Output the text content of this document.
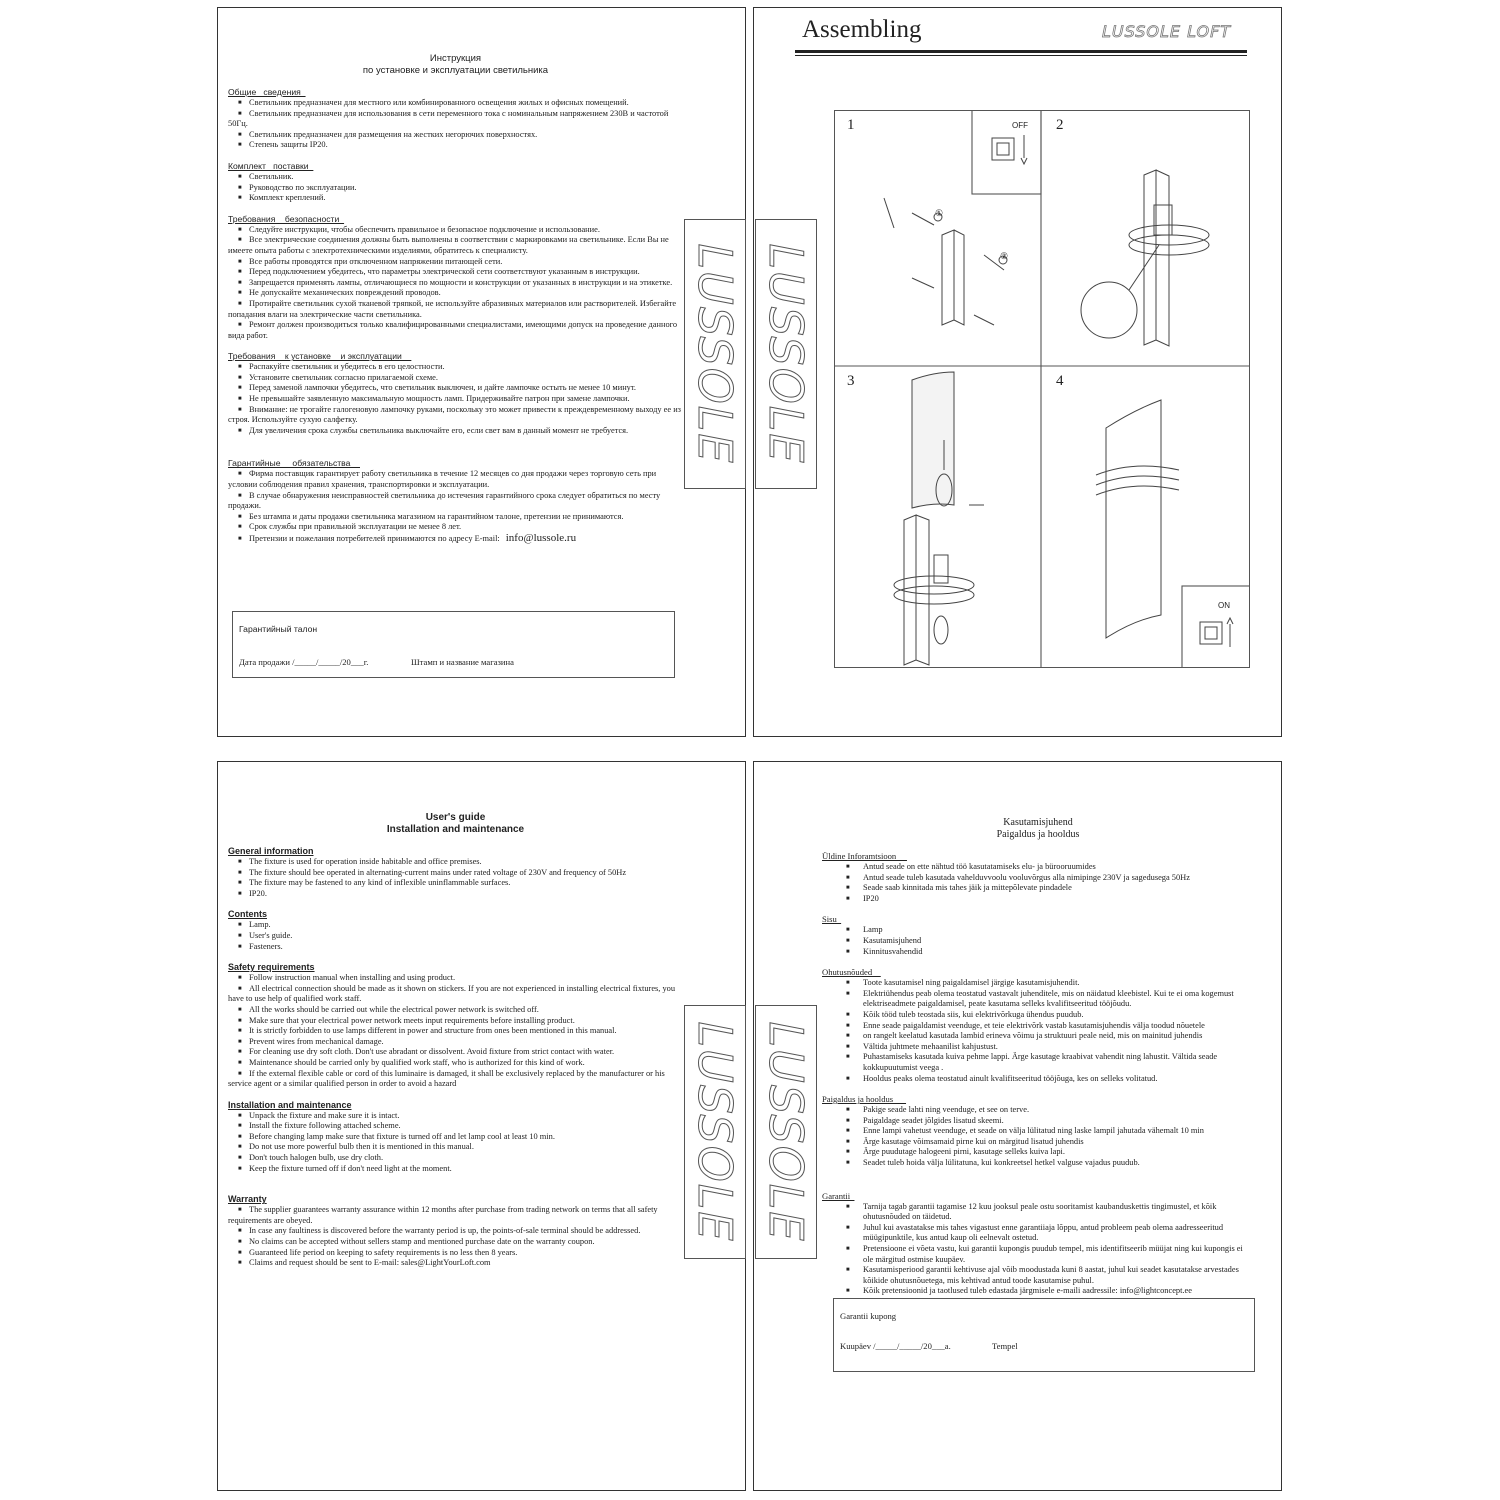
Инструкция
по установке и эксплуатации светильника
Общие   сведения
■ Светильник предназначен для местного или комбинированного освещения жилых и офисных помещений.
■ Светильник предназначен для использования в сети переменного тока с номинальным напряжением 230В и частотой 50Гц.
■ Светильник предназначен для размещения на жестких негорючих поверхностях.
■ Степень защиты IP20.
Комплект   поставки
■ Светильник.
■ Руководство по эксплуатации.
■ Комплект креплений.
Требования    безопасности
■ Следуйте инструкции, чтобы обеспечить правильное и безопасное подключение и использование.
■ Все электрические соединения должны быть выполнены в соответствии с маркировками на светильнике. Если Вы не имеете опыта работы с электротехническими изделиями, обратитесь к специалисту.
■ Все работы проводятся при отключенном напряжении питающей сети.
■ Перед подключением убедитесь, что параметры электрической сети соответствуют указанным в инструкции.
■ Запрещается применять лампы, отличающиеся по мощности и конструкции от указанных в инструкции и на этикетке.
■ Не допускайте механических повреждений проводов.
■ Протирайте светильник сухой тканевой тряпкой, не используйте абразивных материалов или растворителей. Избегайте попадания влаги на электрические части светильника.
■ Ремонт должен производиться только квалифицированными специалистами, имеющими допуск на проведение данного вида работ.
Требования    к установке    и эксплуатации
■ Распакуйте светильник и убедитесь в его целостности.
■ Установите светильник согласно прилагаемой схеме.
■ Перед заменой лампочки убедитесь, что светильник выключен, и дайте лампочке остыть не менее 10 минут.
■ Не превышайте заявленную максимальную мощность ламп. Придерживайте патрон при замене лампочки.
■ Внимание: не трогайте галогеновую лампочку руками, поскольку это может привести к преждевременному выходу ее из строя. Используйте сухую салфетку.
■ Для увеличения срока службы светильника выключайте его, если свет вам в данный момент не требуется.
Гарантийные     обязательства
■ Фирма поставщик гарантирует работу светильника в течение 12 месяцев со дня продажи через торговую сеть при условии соблюдения правил хранения, транспортировки и эксплуатации.
■ В случае обнаружения неисправностей светильника до истечения гарантийного срока следует обратиться по месту продажи.
■ Без штампа и даты продажи светильника магазином на гарантийном талоне, претензии не принимаются.
■ Срок службы при правильной эксплуатации не менее 8 лет.
■ Претензии и пожелания потребителей принимаются по адресу E-mail: info@lussole.ru
Гарантийный талон
Дата продажи /_____/_____/20___г.	Штамп и название магазина
LUSSOLE
Assembling	LUSSOLE LOFT
LUSSOLE
1	2
3	4
OFF
ON
①
②
User's guide
Installation and maintenance
General information
■ The fixture is used for operation inside habitable and office premises.
■ The fixture should bee operated in alternating-current mains under rated voltage of 230V and frequency of 50Hz
■ The fixture may be fastened to any kind of inflexible uninflammable surfaces.
■ IP20.
Contents
■ Lamp.
■ User's guide.
■ Fasteners.
Safety requirements
■ Follow instruction manual when installing and using product.
■ All electrical connection should be made as it shown on stickers. If you are not experienced in installing electrical fixtures, you have to use help of qualified work staff.
■ All the works should be carried out while the electrical power network is switched off.
■ Make sure that your electrical power network meets input requirements before installing product.
■ It is strictly forbidden to use lamps different in power and structure from ones been mentioned in this manual.
■ Prevent wires from mechanical damage.
■ For cleaning use dry soft cloth. Don't use abradant or dissolvent. Avoid fixture from strict contact with water.
■ Maintenance should be carried only by qualified work staff, who is authorized for this kind of work.
■ If the external flexible cable or cord of this luminaire is damaged, it shall be exclusively replaced by the manufacturer or his service agent or a similar qualified person in order to avoid a hazard
Installation and maintenance
■ Unpack the fixture and make sure it is intact.
■ Install the fixture following attached scheme.
■ Before changing lamp make sure that fixture is turned off and let lamp cool at least 10 min.
■ Do not use more powerful bulb then it is mentioned in this manual.
■ Don't touch halogen bulb, use dry cloth.
■ Keep the fixture turned off if don't need light at the moment.
Warranty
■ The supplier guarantees warranty assurance within 12 months after purchase from trading network on terms that all safety requirements are obeyed.
■ In case any faultiness is discovered before the warranty period is up, the points-of-sale terminal should be addressed.
■ No claims can be accepted without sellers stamp and mentioned purchase date on the warranty coupon.
■ Guaranteed life period on keeping to safety requirements is no less then 8 years.
■ Claims and request should be sent to E-mail: sales@LightYourLoft.com
LUSSOLE
Kasutamisjuhend
Paigaldus ja hooldus
Üldine Inforamtsioon
■	Antud seade on ette nähtud töö kasutatamiseks elu- ja bürooruumides
■	Antud seade tuleb kasutada vahelduvvoolu vooluvõrgus alla nimipinge 230V ja sagedusega 50Hz
■	Seade saab kinnitada mis tahes jäik ja mittepõlevate pindadele
■	IP20
Sisu
■	Lamp
■	Kasutamisjuhend
■	Kinnitusvahendid
Ohutusnõuded
■	Toote kasutamisel ning paigaldamisel järgige kasutamisjuhendit.
■	Elektriühendus peab olema teostatud vastavalt juhenditele, mis on näidatud kleebistel. Kui te ei oma kogemust elektriseadmete paigaldamisel, peate kasutama selleks kvalifitseeritud tööjõudu.
■	Kõik tööd tuleb teostada siis, kui elektrivõrkuga ühendus puudub.
■	Enne seade paigaldamist veenduge, et teie elektrivõrk vastab kasutamisjuhendis välja toodud nõuetele
■	on rangelt keelatud kasutada lambid erineva võimu ja struktuuri peale neid, mis on mainitud juhendis
■	Vältida juhtmete mehaanilist kahjustust.
■	Puhastamiseks kasutada kuiva pehme lappi. Ärge kasutage kraabivat vahendit ning lahustit. Vältida seade kokkupuutumist veega .
■	Hooldus peaks olema teostatud ainult kvalifitseeritud tööjõuga, kes on selleks volitatud.
Paigaldus ja hooldus
■	Pakige seade lahti ning veenduge, et see on terve.
■	Paigaldage seadet jõlgides lisatud skeemi.
■	Enne lampi vahetust veenduge, et seade on välja lülitatud ning laske lampil jahutada vähemalt 10 min
■	Ärge kasutage võimsamaid pirne kui on märgitud lisatud juhendis
■	Ärge puudutage halogeeni pirni, kasutage selleks kuiva lapi.
■	Seadet tuleb hoida välja lülitatuna, kui konkreetsel hetkel valguse vajadus puudub.
Garantii
■	Tarnija tagab garantii tagamise 12 kuu jooksul peale ostu sooritamist kaubanduskettis tingimustel, et kõik ohutusnõuded on täidetud.
■	Juhul kui avastatakse mis tahes vigastust enne garantiiaja lõppu, antud probleem peab olema aadresseeritud müügipunktile, kus antud kaup oli eelnevalt ostetud.
■	Pretensioone ei võeta vastu, kui garantii kupongis puudub tempel, mis identifitseerib müüjat ning kui kupongis ei ole märgitud ostmise kuupäev.
■	Kasutamisperiood garantii kehtivuse ajal võib moodustada kuni 8 aastat, juhul kui seadet kasutatakse arvestades kõikide ohutusnõuetega, mis kehtivad antud toode kasutamise puhul.
■	Kõik pretensioonid ja taotlused tuleb edastada järgmisele e-maili aadressile: info@lightconcept.ee
Garantii kupong
Kuupäev /_____/_____/20___a.	Tempel
LUSSOLE
